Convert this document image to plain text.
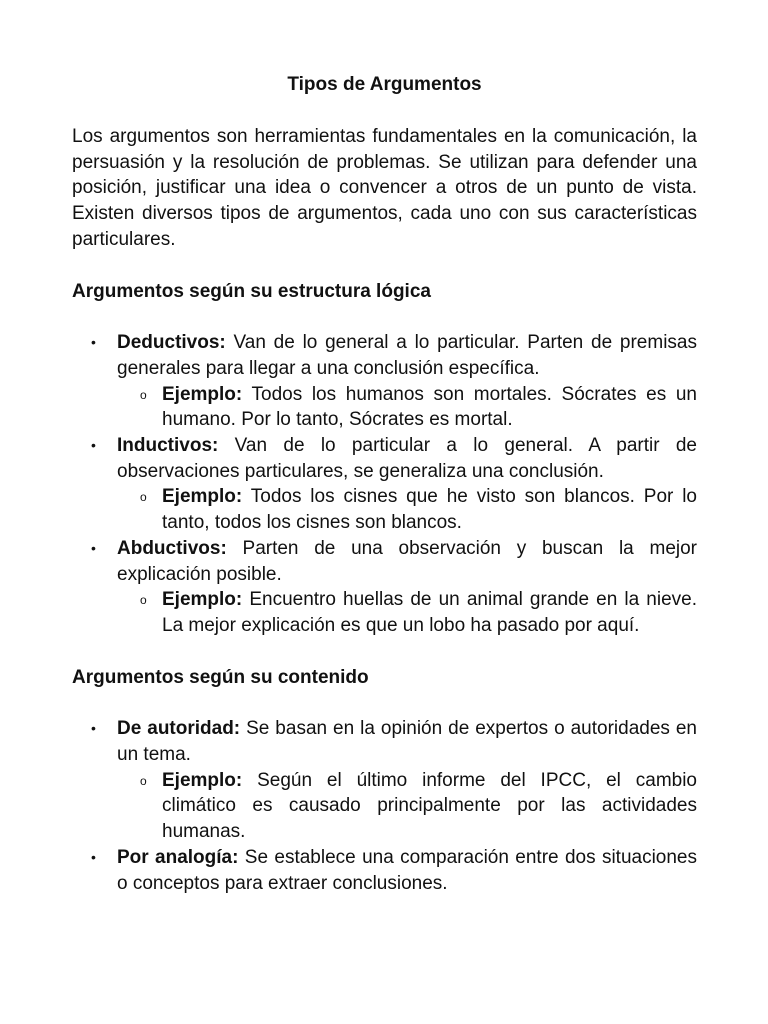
Tipos de Argumentos

Los argumentos son herramientas fundamentales en la comunicación, la persuasión y la resolución de problemas. Se utilizan para defender una posición, justificar una idea o convencer a otros de un punto de vista. Existen diversos tipos de argumentos, cada uno con sus características particulares.

Argumentos según su estructura lógica

• Deductivos: Van de lo general a lo particular. Parten de premisas generales para llegar a una conclusión específica.
o Ejemplo: Todos los humanos son mortales. Sócrates es un humano. Por lo tanto, Sócrates es mortal.
• Inductivos: Van de lo particular a lo general. A partir de observaciones particulares, se generaliza una conclusión.
o Ejemplo: Todos los cisnes que he visto son blancos. Por lo tanto, todos los cisnes son blancos.
• Abductivos: Parten de una observación y buscan la mejor explicación posible.
o Ejemplo: Encuentro huellas de un animal grande en la nieve. La mejor explicación es que un lobo ha pasado por aquí.

Argumentos según su contenido

• De autoridad: Se basan en la opinión de expertos o autoridades en un tema.
o Ejemplo: Según el último informe del IPCC, el cambio climático es causado principalmente por las actividades humanas.
• Por analogía: Se establece una comparación entre dos situaciones o conceptos para extraer conclusiones.
